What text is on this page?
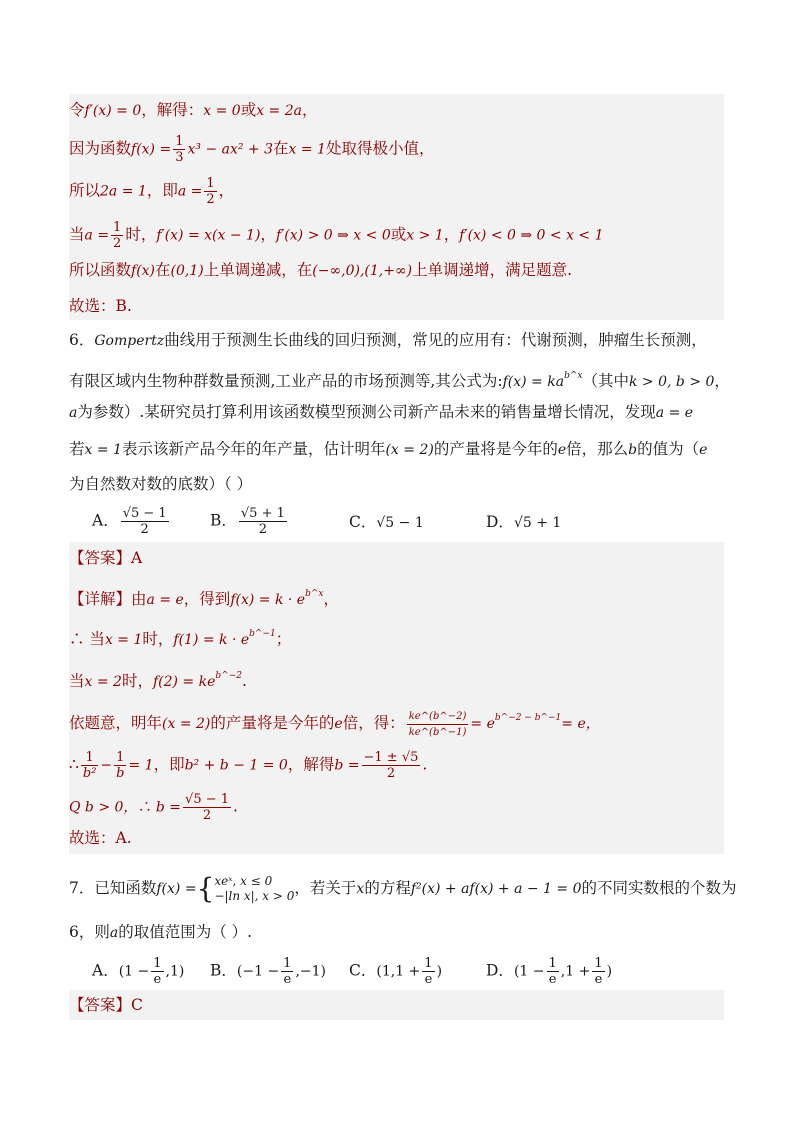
令f′(x) = 0，解得：x = 0或x = 2a，
因为函数$f(x) = \frac{1}{3} x^3 - ax^2 + 3$在x = 1处取得极小值，
所以2a = 1，即$a = \frac{1}{2}$ ，
当$a = \frac{1}{2}$ 时，f′(x) = x(x − 1)，f′(x) > 0 ⇒ x < 0或x > 1，f′(x) < 0 ⇒ 0 < x < 1
所以函数f(x)在(0,1)上单调递减，在(−∞,0),(1,+∞)上单调递增，满足题意.
故选：B.
6．Gompertz曲线用于预测生长曲线的回归预测，常见的应用有：代谢预测，肿瘤生长预测，
有限区域内生物种群数量预测,工业产品的市场预测等,其公式为:f(x) = $ka^{b\^{}x}$（其中k > 0, b > 0，
a为参数）.某研究员打算利用该函数模型预测公司新产品未来的销售量增长情况，发现a = e
若x = 1表示该新产品今年的年产量，估计明年(x = 2)的产量将是今年的e倍，那么b的值为（e
为自然数对数的底数）（ ）
A． $\frac{√5 - 1}{2}$	B． $\frac{√5 + 1}{2}$	C．√5 − 1	D．√5 + 1
【答案】A
【详解】由a = e，得到$f(x) = k \cdot e^{b\^{}x}$，
∴ 当x = 1时，$f(1) = k \cdot e^{b\^{}-1}$；
当x = 2时，$f(2) = ke^{b\^{}-2}$.
依题意，明年(x = 2)的产量将是今年的e倍，得： $\frac{ke\^{}(b\^{}-2)}{ke\^{}(b\^{}-1)} = e^{b\^{}-2 - b\^{}-1}= e$，
∴ $\frac{1}{\text{b²}} - \frac{1}{b} = 1$，即b² + b − 1 = 0，解得$b = \frac{-1 \pm √5}{2}$ .
Q b > 0，∴ $b = \frac{√5 - 1}{2}$ .
故选：A.
7．已知函数f(x) ={ xeˣ, x ≤ 0
−|ln x|, x > 0 ，若关于x的方程f²(x) + af(x) + a − 1 = 0的不同实数根的个数为
6，则a的取值范围为（ ）.
A．$(1 - \frac{1}{e} ,1)$ B．$(-1 - \frac{1}{e} ,-1)$ C．($1,1 + \frac{1}{e}$ )	D．($1 - \frac{1}{e} ,1 + \frac{1}{e}$ )
【答案】C
